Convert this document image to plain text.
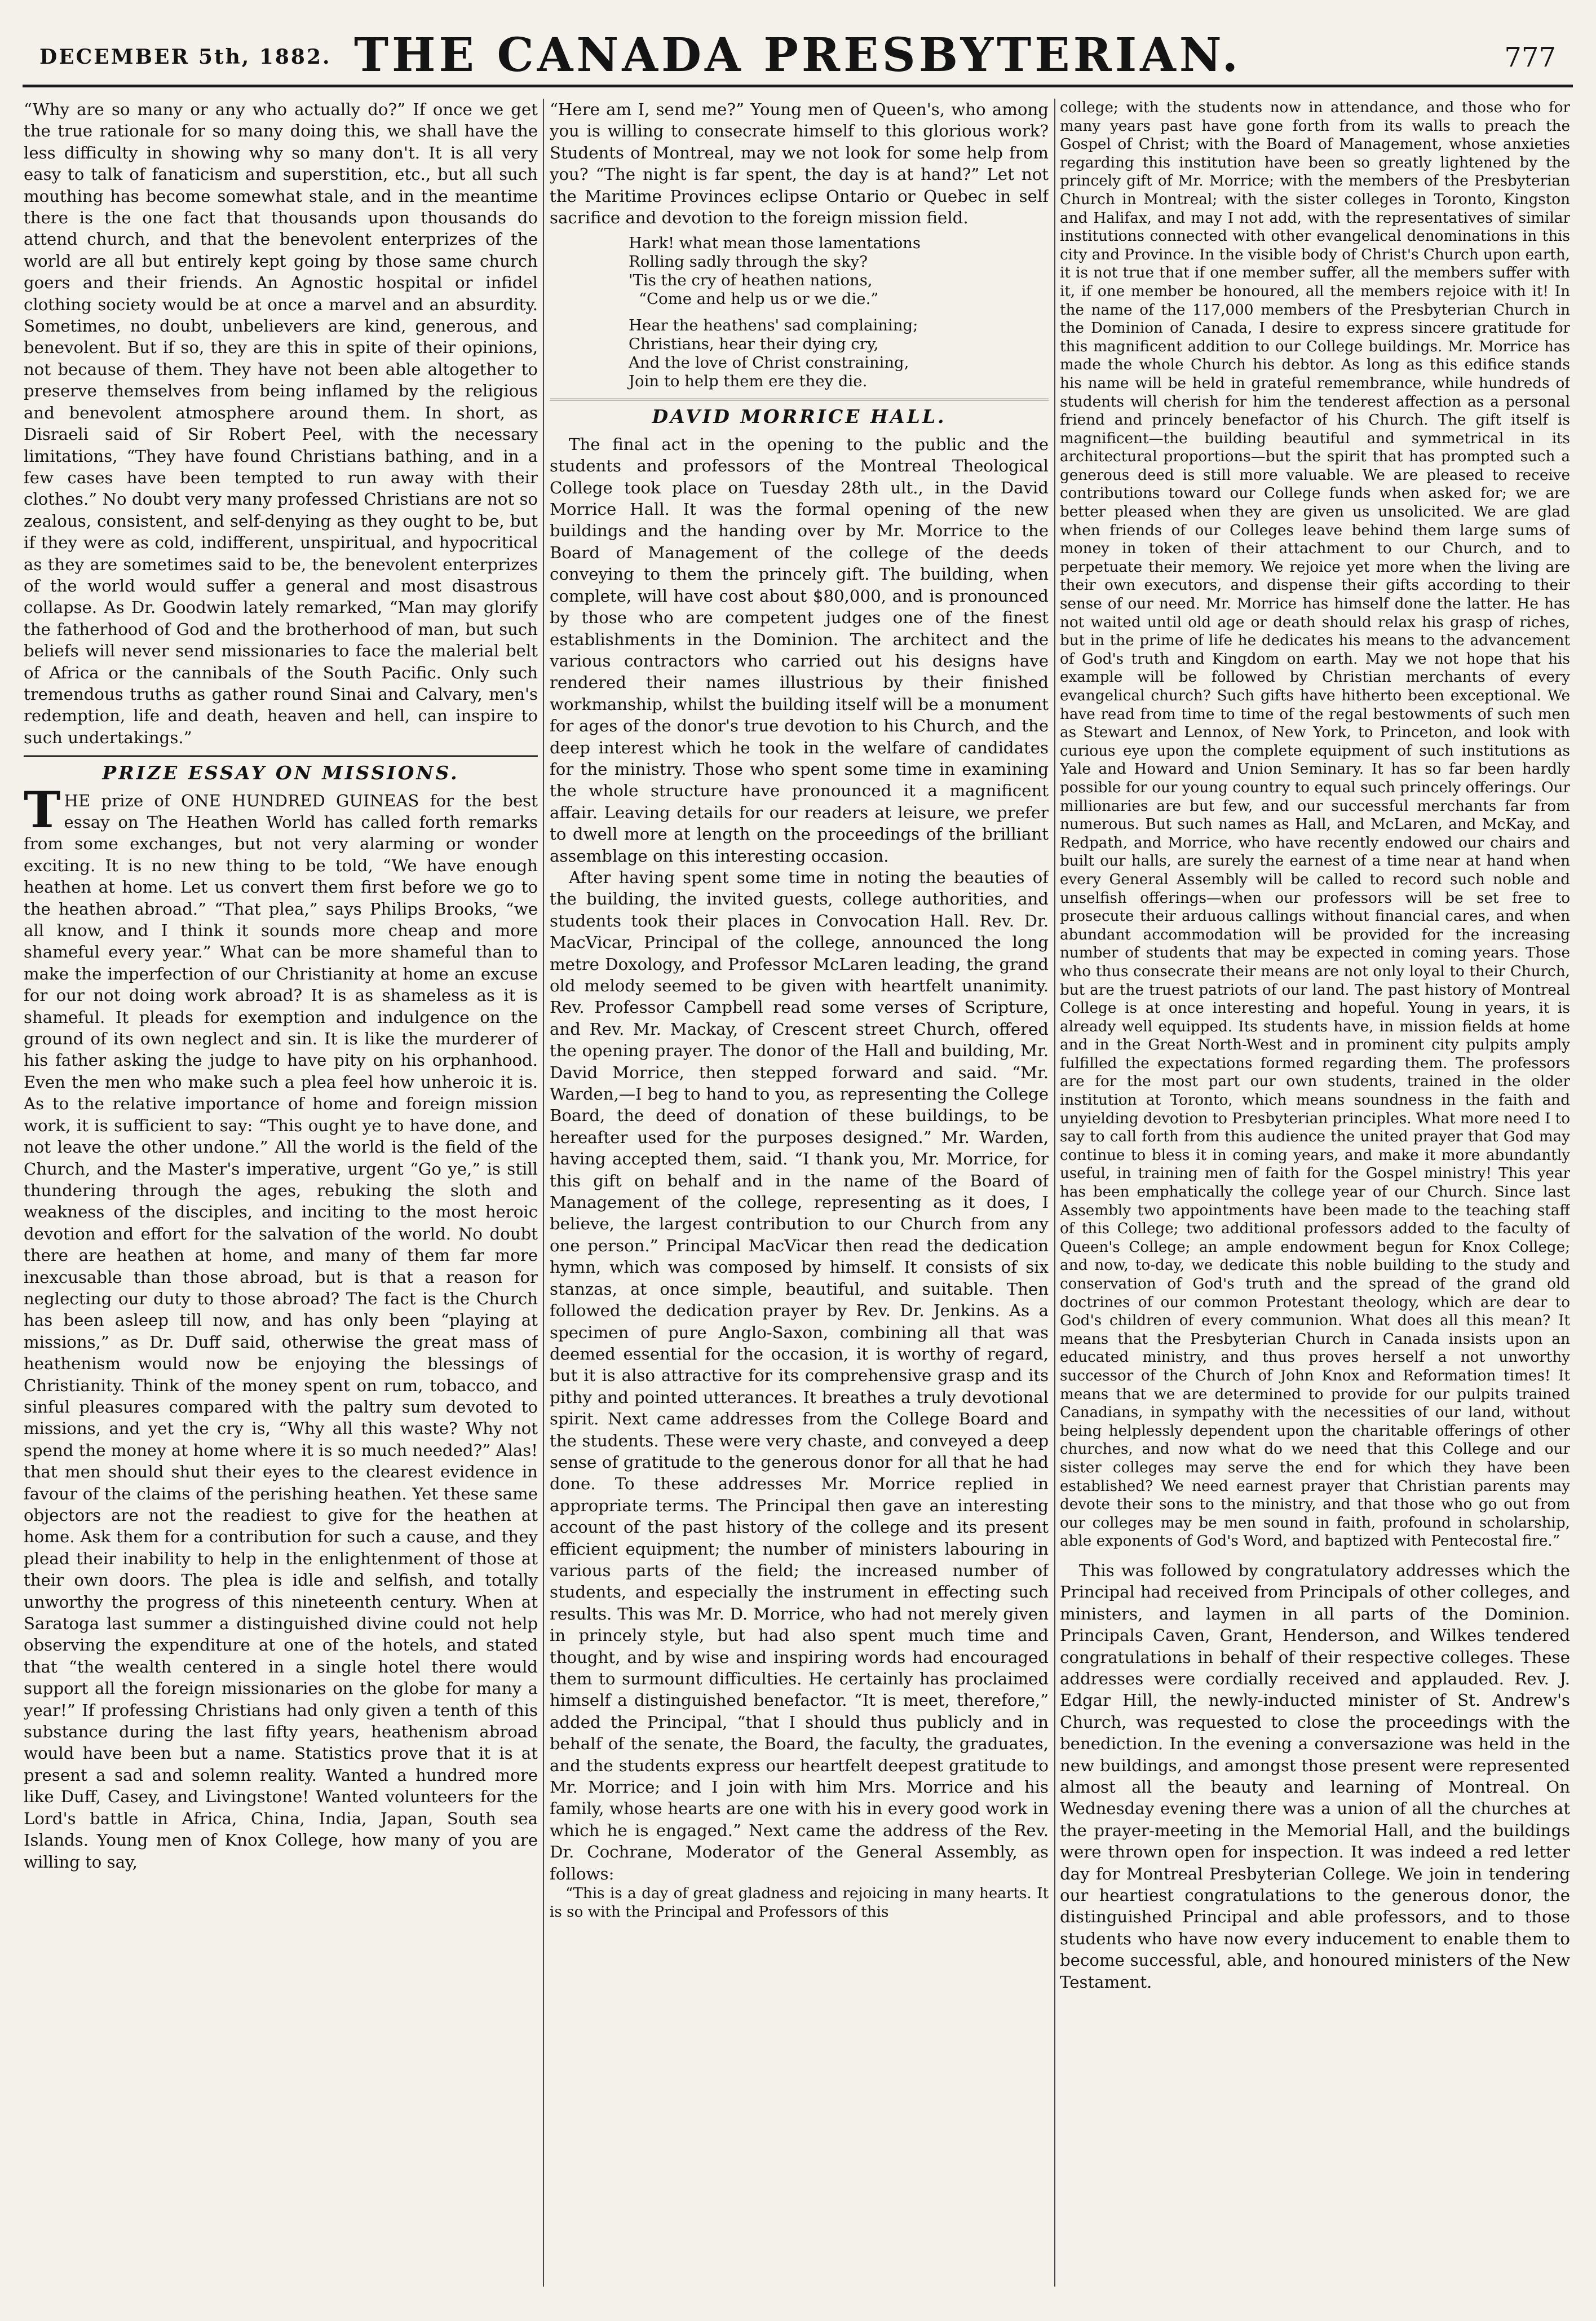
DECEMBER 5th, 1882. THE CANADA PRESBYTERIAN.	777

“Why are so many or any who actually do?” If once we get the true rationale for so many doing this, we shall have the less difficulty in showing why so many don't. It is all very easy to talk of fanaticism and superstition, etc., but all such mouthing has become somewhat stale, and in the meantime there is the one fact that thousands upon thousands do attend church, and that the benevolent enterprizes of the world are all but entirely kept going by those same church goers and their friends. An Agnostic hospital or infidel clothing society would be at once a marvel and an absurdity. Sometimes, no doubt, unbelievers are kind, generous, and benevolent. But if so, they are this in spite of their opinions, not because of them. They have not been able altogether to preserve themselves from being inflamed by the religious and benevolent atmosphere around them. In short, as Disraeli said of Sir Robert Peel, with the necessary limitations, “They have found Christians bathing, and in a few cases have been tempted to run away with their clothes.” No doubt very many professed Christians are not so zealous, consistent, and self-denying as they ought to be, but if they were as cold, indifferent, unspiritual, and hypocritical as they are sometimes said to be, the benevolent enterprizes of the world would suffer a general and most disastrous collapse. As Dr. Goodwin lately remarked, “Man may glorify the fatherhood of God and the brotherhood of man, but such beliefs will never send missionaries to face the malerial belt of Africa or the cannibals of the South Pacific. Only such tremendous truths as gather round Sinai and Calvary, men's redemption, life and death, heaven and hell, can inspire to such undertakings.”

PRIZE ESSAY ON MISSIONS.

THE prize of ONE HUNDRED GUINEAS for the best essay on The Heathen World has called forth remarks from some exchanges, but not very alarming or wonder exciting. It is no new thing to be told, “We have enough heathen at home. Let us convert them first before we go to the heathen abroad.” “That plea,” says Philips Brooks, “we all know, and I think it sounds more cheap and more shameful every year.” What can be more shameful than to make the imperfection of our Christianity at home an excuse for our not doing work abroad? It is as shameless as it is shameful. It pleads for exemption and indulgence on the ground of its own neglect and sin. It is like the murderer of his father asking the judge to have pity on his orphanhood. Even the men who make such a plea feel how unheroic it is. As to the relative importance of home and foreign mission work, it is sufficient to say: “This ought ye to have done, and not leave the other undone.” All the world is the field of the Church, and the Master's imperative, urgent “Go ye,” is still thundering through the ages, rebuking the sloth and weakness of the disciples, and inciting to the most heroic devotion and effort for the salvation of the world. No doubt there are heathen at home, and many of them far more inexcusable than those abroad, but is that a reason for neglecting our duty to those abroad? The fact is the Church has been asleep till now, and has only been “playing at missions,” as Dr. Duff said, otherwise the great mass of heathenism would now be enjoying the blessings of Christianity. Think of the money spent on rum, tobacco, and sinful pleasures compared with the paltry sum devoted to missions, and yet the cry is, “Why all this waste? Why not spend the money at home where it is so much needed?” Alas! that men should shut their eyes to the clearest evidence in favour of the claims of the perishing heathen. Yet these same objectors are not the readiest to give for the heathen at home. Ask them for a contribution for such a cause, and they plead their inability to help in the enlightenment of those at their own doors. The plea is idle and selfish, and totally unworthy the progress of this nineteenth century. When at Saratoga last summer a distinguished divine could not help observing the expenditure at one of the hotels, and stated that “the wealth centered in a single hotel there would support all the foreign missionaries on the globe for many a year!” If professing Christians had only given a tenth of this substance during the last fifty years, heathenism abroad would have been but a name. Statistics prove that it is at present a sad and solemn reality. Wanted a hundred more like Duff, Casey, and Livingstone! Wanted volunteers for the Lord's battle in Africa, China, India, Japan, South sea Islands. Young men of Knox College, how many of you are willing to say,

“Here am I, send me?” Young men of Queen's, who among you is willing to consecrate himself to this glorious work? Students of Montreal, may we not look for some help from you? “The night is far spent, the day is at hand?” Let not the Maritime Provinces eclipse Ontario or Quebec in self sacrifice and devotion to the foreign mission field.

Hark! what mean those lamentations
Rolling sadly through the sky?
'Tis the cry of heathen nations,
“Come and help us or we die.”
Hear the heathens' sad complaining;
Christians, hear their dying cry,
And the love of Christ constraining,
Join to help them ere they die.
DAVID MORRICE HALL.

The final act in the opening to the public and the students and professors of the Montreal Theological College took place on Tuesday 28th ult., in the David Morrice Hall. It was the formal opening of the new buildings and the handing over by Mr. Morrice to the Board of Management of the college of the deeds conveying to them the princely gift. The building, when complete, will have cost about $80,000, and is pronounced by those who are competent judges one of the finest establishments in the Dominion. The architect and the various contractors who carried out his designs have rendered their names illustrious by their finished workmanship, whilst the building itself will be a monument for ages of the donor's true devotion to his Church, and the deep interest which he took in the welfare of candidates for the ministry. Those who spent some time in examining the whole structure have pronounced it a magnificent affair. Leaving details for our readers at leisure, we prefer to dwell more at length on the proceedings of the brilliant assemblage on this interesting occasion.

After having spent some time in noting the beauties of the building, the invited guests, college authorities, and students took their places in Convocation Hall. Rev. Dr. MacVicar, Principal of the college, announced the long metre Doxology, and Professor McLaren leading, the grand old melody seemed to be given with heartfelt unanimity. Rev. Professor Campbell read some verses of Scripture, and Rev. Mr. Mackay, of Crescent street Church, offered the opening prayer. The donor of the Hall and building, Mr. David Morrice, then stepped forward and said. “Mr. Warden,—I beg to hand to you, as representing the College Board, the deed of donation of these buildings, to be hereafter used for the purposes designed.” Mr. Warden, having accepted them, said. “I thank you, Mr. Morrice, for this gift on behalf and in the name of the Board of Management of the college, representing as it does, I believe, the largest contribution to our Church from any one person.” Principal MacVicar then read the dedication hymn, which was composed by himself. It consists of six stanzas, at once simple, beautiful, and suitable. Then followed the dedication prayer by Rev. Dr. Jenkins. As a specimen of pure Anglo-Saxon, combining all that was deemed essential for the occasion, it is worthy of regard, but it is also attractive for its comprehensive grasp and its pithy and pointed utterances. It breathes a truly devotional spirit. Next came addresses from the College Board and the students. These were very chaste, and conveyed a deep sense of gratitude to the generous donor for all that he had done. To these addresses Mr. Morrice replied in appropriate terms. The Principal then gave an interesting account of the past history of the college and its present efficient equipment; the number of ministers labouring in various parts of the field; the increased number of students, and especially the instrument in effecting such results. This was Mr. D. Morrice, who had not merely given in princely style, but had also spent much time and thought, and by wise and inspiring words had encouraged them to surmount difficulties. He certainly has proclaimed himself a distinguished benefactor. “It is meet, therefore,” added the Principal, “that I should thus publicly and in behalf of the senate, the Board, the faculty, the graduates, and the students express our heartfelt deepest gratitude to Mr. Morrice; and I join with him Mrs. Morrice and his family, whose hearts are one with his in every good work in which he is engaged.” Next came the address of the Rev. Dr. Cochrane, Moderator of the General Assembly, as follows:

“This is a day of great gladness and rejoicing in many hearts. It is so with the Principal and Professors of this

college; with the students now in attendance, and those who for many years past have gone forth from its walls to preach the Gospel of Christ; with the Board of Management, whose anxieties regarding this institution have been so greatly lightened by the princely gift of Mr. Morrice; with the members of the Presbyterian Church in Montreal; with the sister colleges in Toronto, Kingston and Halifax, and may I not add, with the representatives of similar institutions connected with other evangelical denominations in this city and Province. In the visible body of Christ's Church upon earth, it is not true that if one member suffer, all the members suffer with it, if one member be honoured, all the members rejoice with it! In the name of the 117,000 members of the Presbyterian Church in the Dominion of Canada, I desire to express sincere gratitude for this magnificent addition to our College buildings. Mr. Morrice has made the whole Church his debtor. As long as this edifice stands his name will be held in grateful remembrance, while hundreds of students will cherish for him the tenderest affection as a personal friend and princely benefactor of his Church. The gift itself is magnificent—the building beautiful and symmetrical in its architectural proportions—but the spirit that has prompted such a generous deed is still more valuable. We are pleased to receive contributions toward our College funds when asked for; we are better pleased when they are given us unsolicited. We are glad when friends of our Colleges leave behind them large sums of money in token of their attachment to our Church, and to perpetuate their memory. We rejoice yet more when the living are their own executors, and dispense their gifts according to their sense of our need. Mr. Morrice has himself done the latter. He has not waited until old age or death should relax his grasp of riches, but in the prime of life he dedicates his means to the advancement of God's truth and Kingdom on earth. May we not hope that his example will be followed by Christian merchants of every evangelical church? Such gifts have hitherto been exceptional. We have read from time to time of the regal bestowments of such men as Stewart and Lennox, of New York, to Princeton, and look with curious eye upon the complete equipment of such institutions as Yale and Howard and Union Seminary. It has so far been hardly possible for our young country to equal such princely offerings. Our millionaries are but few, and our successful merchants far from numerous. But such names as Hall, and McLaren, and McKay, and Redpath, and Morrice, who have recently endowed our chairs and built our halls, are surely the earnest of a time near at hand when every General Assembly will be called to record such noble and unselfish offerings—when our professors will be set free to prosecute their arduous callings without financial cares, and when abundant accommodation will be provided for the increasing number of students that may be expected in coming years. Those who thus consecrate their means are not only loyal to their Church, but are the truest patriots of our land. The past history of Montreal College is at once interesting and hopeful. Young in years, it is already well equipped. Its students have, in mission fields at home and in the Great North-West and in prominent city pulpits amply fulfilled the expectations formed regarding them. The professors are for the most part our own students, trained in the older institution at Toronto, which means soundness in the faith and unyielding devotion to Presbyterian principles. What more need I to say to call forth from this audience the united prayer that God may continue to bless it in coming years, and make it more abundantly useful, in training men of faith for the Gospel ministry! This year has been emphatically the college year of our Church. Since last Assembly two appointments have been made to the teaching staff of this College; two additional professors added to the faculty of Queen's College; an ample endowment begun for Knox College; and now, to-day, we dedicate this noble building to the study and conservation of God's truth and the spread of the grand old doctrines of our common Protestant theology, which are dear to God's children of every communion. What does all this mean? It means that the Presbyterian Church in Canada insists upon an educated ministry, and thus proves herself a not unworthy successor of the Church of John Knox and Reformation times! It means that we are determined to provide for our pulpits trained Canadians, in sympathy with the necessities of our land, without being helplessly dependent upon the charitable offerings of other churches, and now what do we need that this College and our sister colleges may serve the end for which they have been established? We need earnest prayer that Christian parents may devote their sons to the ministry, and that those who go out from our colleges may be men sound in faith, profound in scholarship, able exponents of God's Word, and baptized with Pentecostal fire.”

This was followed by congratulatory addresses which the Principal had received from Principals of other colleges, and ministers, and laymen in all parts of the Dominion. Principals Caven, Grant, Henderson, and Wilkes tendered congratulations in behalf of their respective colleges. These addresses were cordially received and applauded. Rev. J. Edgar Hill, the newly-inducted minister of St. Andrew's Church, was requested to close the proceedings with the benediction. In the evening a conversazione was held in the new buildings, and amongst those present were represented almost all the beauty and learning of Montreal. On Wednesday evening there was a union of all the churches at the prayer-meeting in the Memorial Hall, and the buildings were thrown open for inspection. It was indeed a red letter day for Montreal Presbyterian College. We join in tendering our heartiest congratulations to the generous donor, the distinguished Principal and able professors, and to those students who have now every inducement to enable them to become successful, able, and honoured ministers of the New Testament.
